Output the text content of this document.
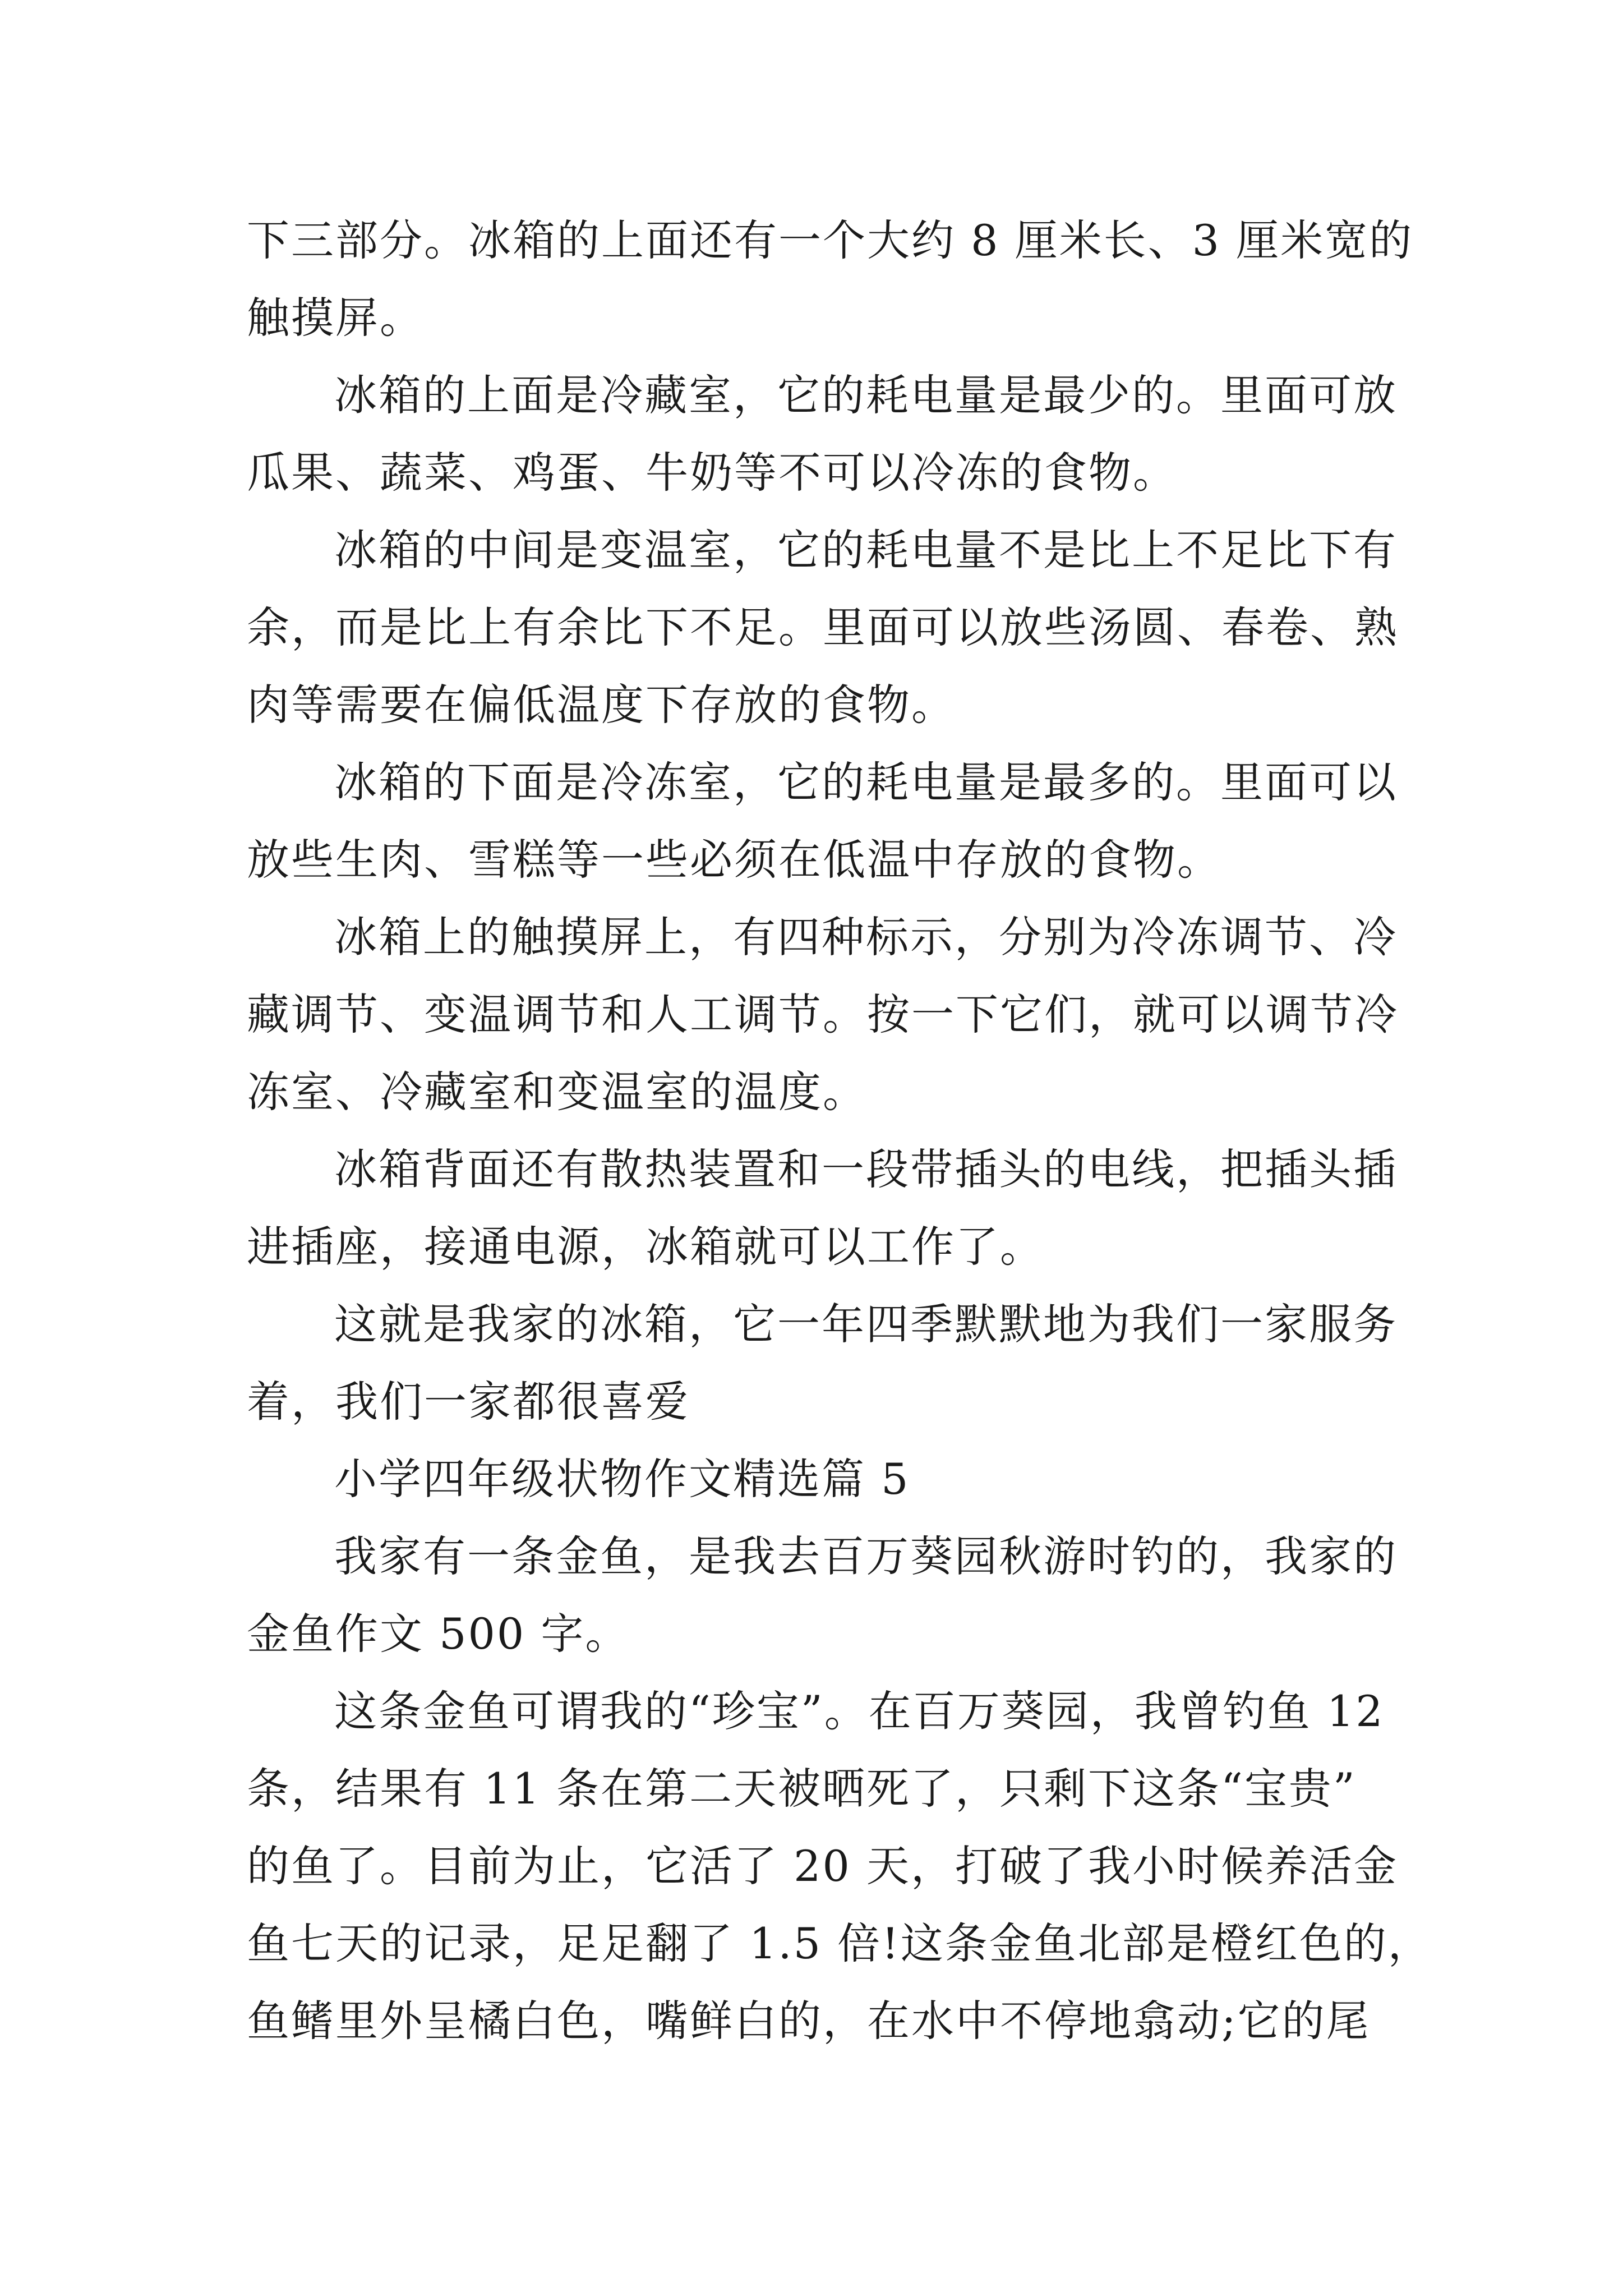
下三部分。冰箱的上面还有一个大约 8 厘米长、3 厘米宽的
触摸屏。
冰箱的上面是冷藏室，它的耗电量是最少的。里面可放
瓜果、蔬菜、鸡蛋、牛奶等不可以冷冻的食物。
冰箱的中间是变温室，它的耗电量不是比上不足比下有
余，而是比上有余比下不足。里面可以放些汤圆、春卷、熟
肉等需要在偏低温度下存放的食物。
冰箱的下面是冷冻室，它的耗电量是最多的。里面可以
放些生肉、雪糕等一些必须在低温中存放的食物。
冰箱上的触摸屏上，有四种标示，分别为冷冻调节、冷
藏调节、变温调节和人工调节。按一下它们，就可以调节冷
冻室、冷藏室和变温室的温度。
冰箱背面还有散热装置和一段带插头的电线，把插头插
进插座，接通电源，冰箱就可以工作了。
这就是我家的冰箱，它一年四季默默地为我们一家服务
着，我们一家都很喜爱
小学四年级状物作文精选篇 5
我家有一条金鱼，是我去百万葵园秋游时钓的，我家的
金鱼作文 500 字。
这条金鱼可谓我的“珍宝”。在百万葵园，我曾钓鱼 12
条，结果有 11 条在第二天被晒死了，只剩下这条“宝贵”
的鱼了。目前为止，它活了 20 天，打破了我小时候养活金
鱼七天的记录，足足翻了 1.5 倍!这条金鱼北部是橙红色的，
鱼鳍里外呈橘白色，嘴鲜白的，在水中不停地翕动;它的尾
